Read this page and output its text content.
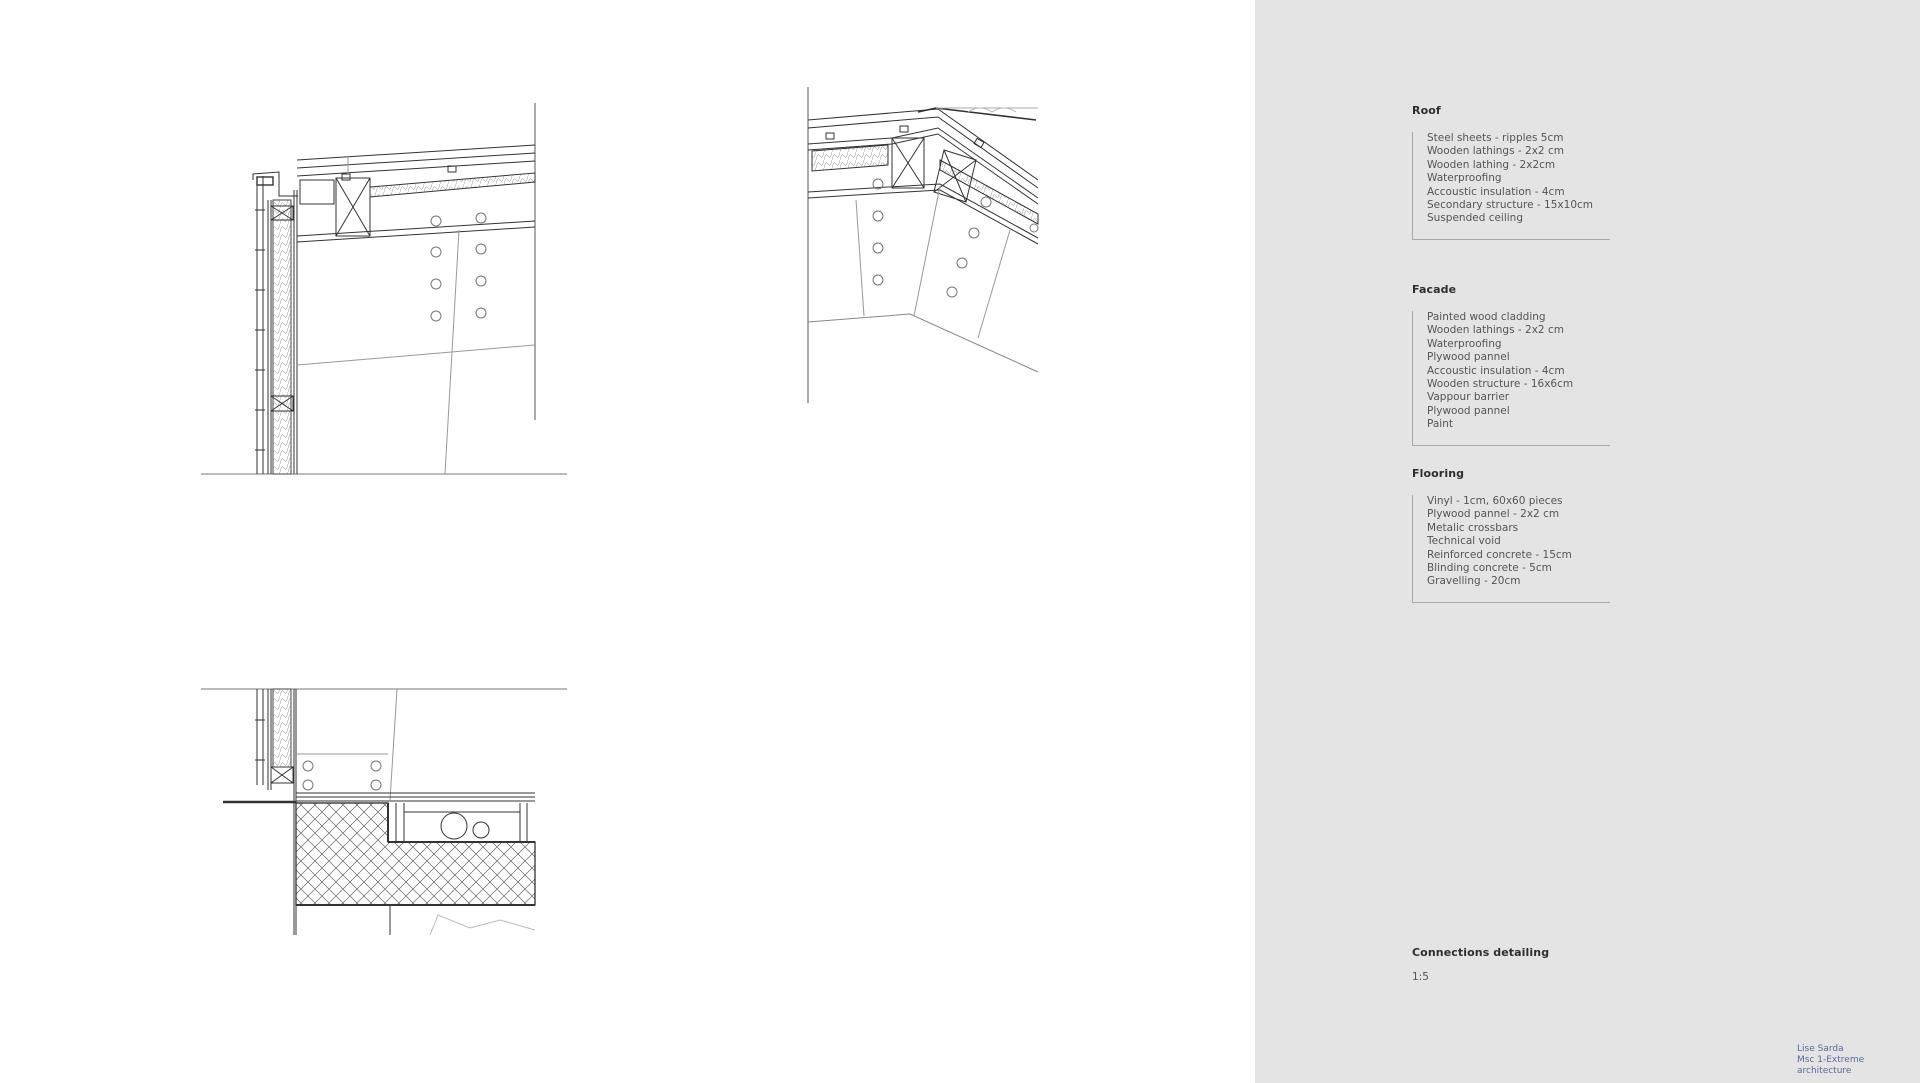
Roof
Steel sheets - ripples 5cm
Wooden lathings - 2x2 cm
Wooden lathing - 2x2cm
Waterproofing
Accoustic insulation - 4cm
Secondary structure - 15x10cm
Suspended ceiling
Facade
Painted wood cladding
Wooden lathings - 2x2 cm
Waterproofing
Plywood pannel
Accoustic insulation - 4cm
Wooden structure - 16x6cm
Vappour barrier
Plywood pannel
Paint
Flooring
Vinyl - 1cm, 60x60 pieces
Plywood pannel - 2x2 cm
Metalic crossbars
Technical void
Reinforced concrete - 15cm
Blinding concrete - 5cm
Gravelling - 20cm
Connections detailing
1:5
Lise Sarda
Msc 1-Extreme architecture
